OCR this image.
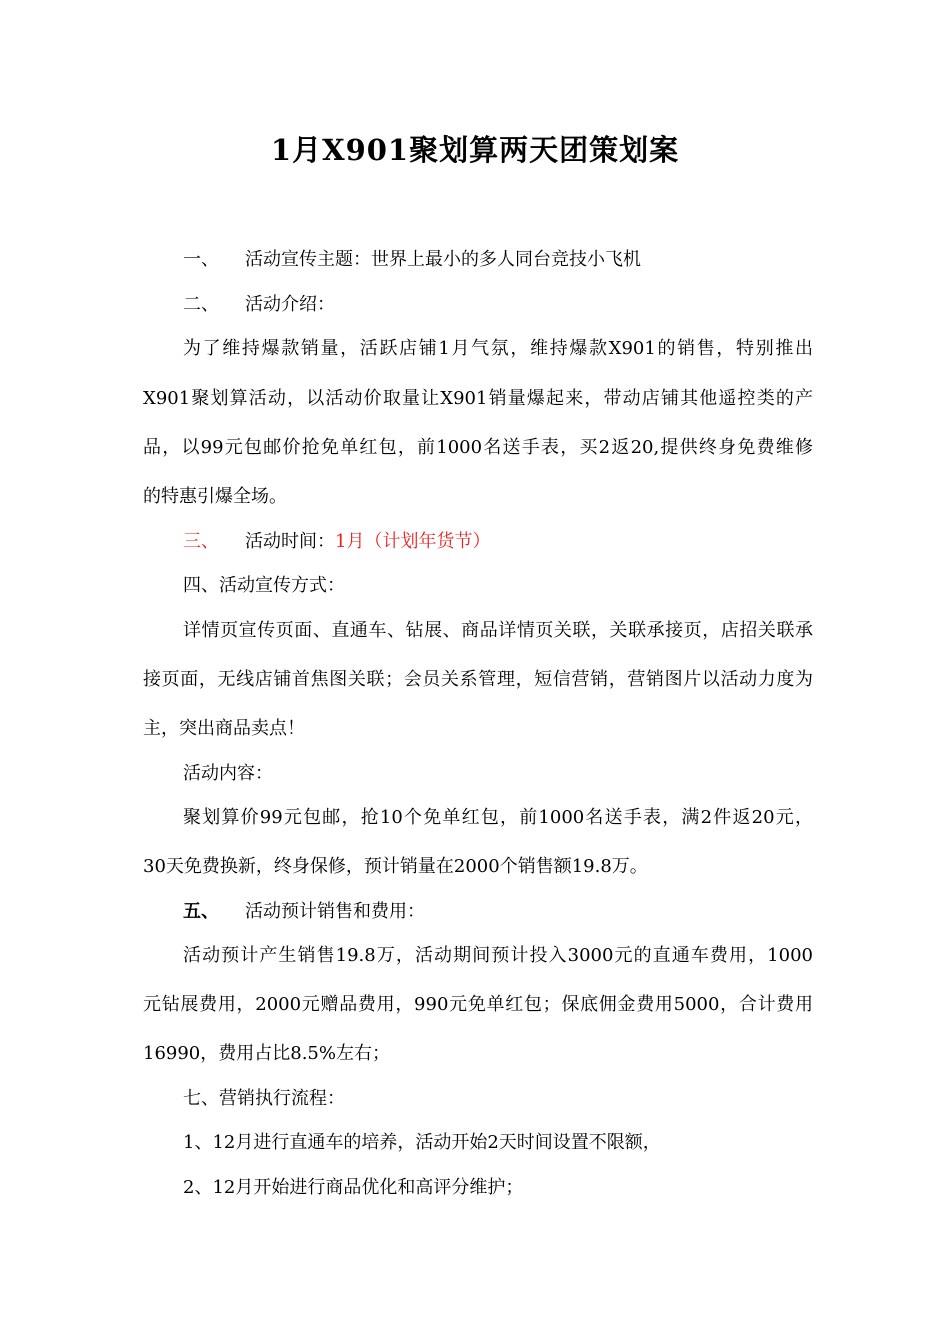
1月X901聚划算两天团策划案
一、 活动宣传主题：世界上最小的多人同台竞技小飞机
二、 活动介绍：
为了维持爆款销量，活跃店铺1月气氛，维持爆款X901的销售，特别推出
X901聚划算活动，以活动价取量让X901销量爆起来，带动店铺其他遥控类的产
品，以99元包邮价抢免单红包，前1000名送手表，买2返20,提供终身免费维修
的特惠引爆全场。
三、 活动时间：1月（计划年货节）
四、活动宣传方式：
详情页宣传页面、直通车、钻展、商品详情页关联，关联承接页，店招关联承
接页面，无线店铺首焦图关联；会员关系管理，短信营销，营销图片以活动力度为
主，突出商品卖点！
活动内容：
聚划算价99元包邮，抢10个免单红包，前1000名送手表，满2件返20元，
30天免费换新，终身保修，预计销量在2000个销售额19.8万。
五、 活动预计销售和费用：
活动预计产生销售19.8万，活动期间预计投入3000元的直通车费用，1000
元钻展费用，2000元赠品费用，990元免单红包；保底佣金费用5000，合计费用
16990，费用占比8.5%左右；
七、营销执行流程：
1、12月进行直通车的培养，活动开始2天时间设置不限额，
2、12月开始进行商品优化和高评分维护；
